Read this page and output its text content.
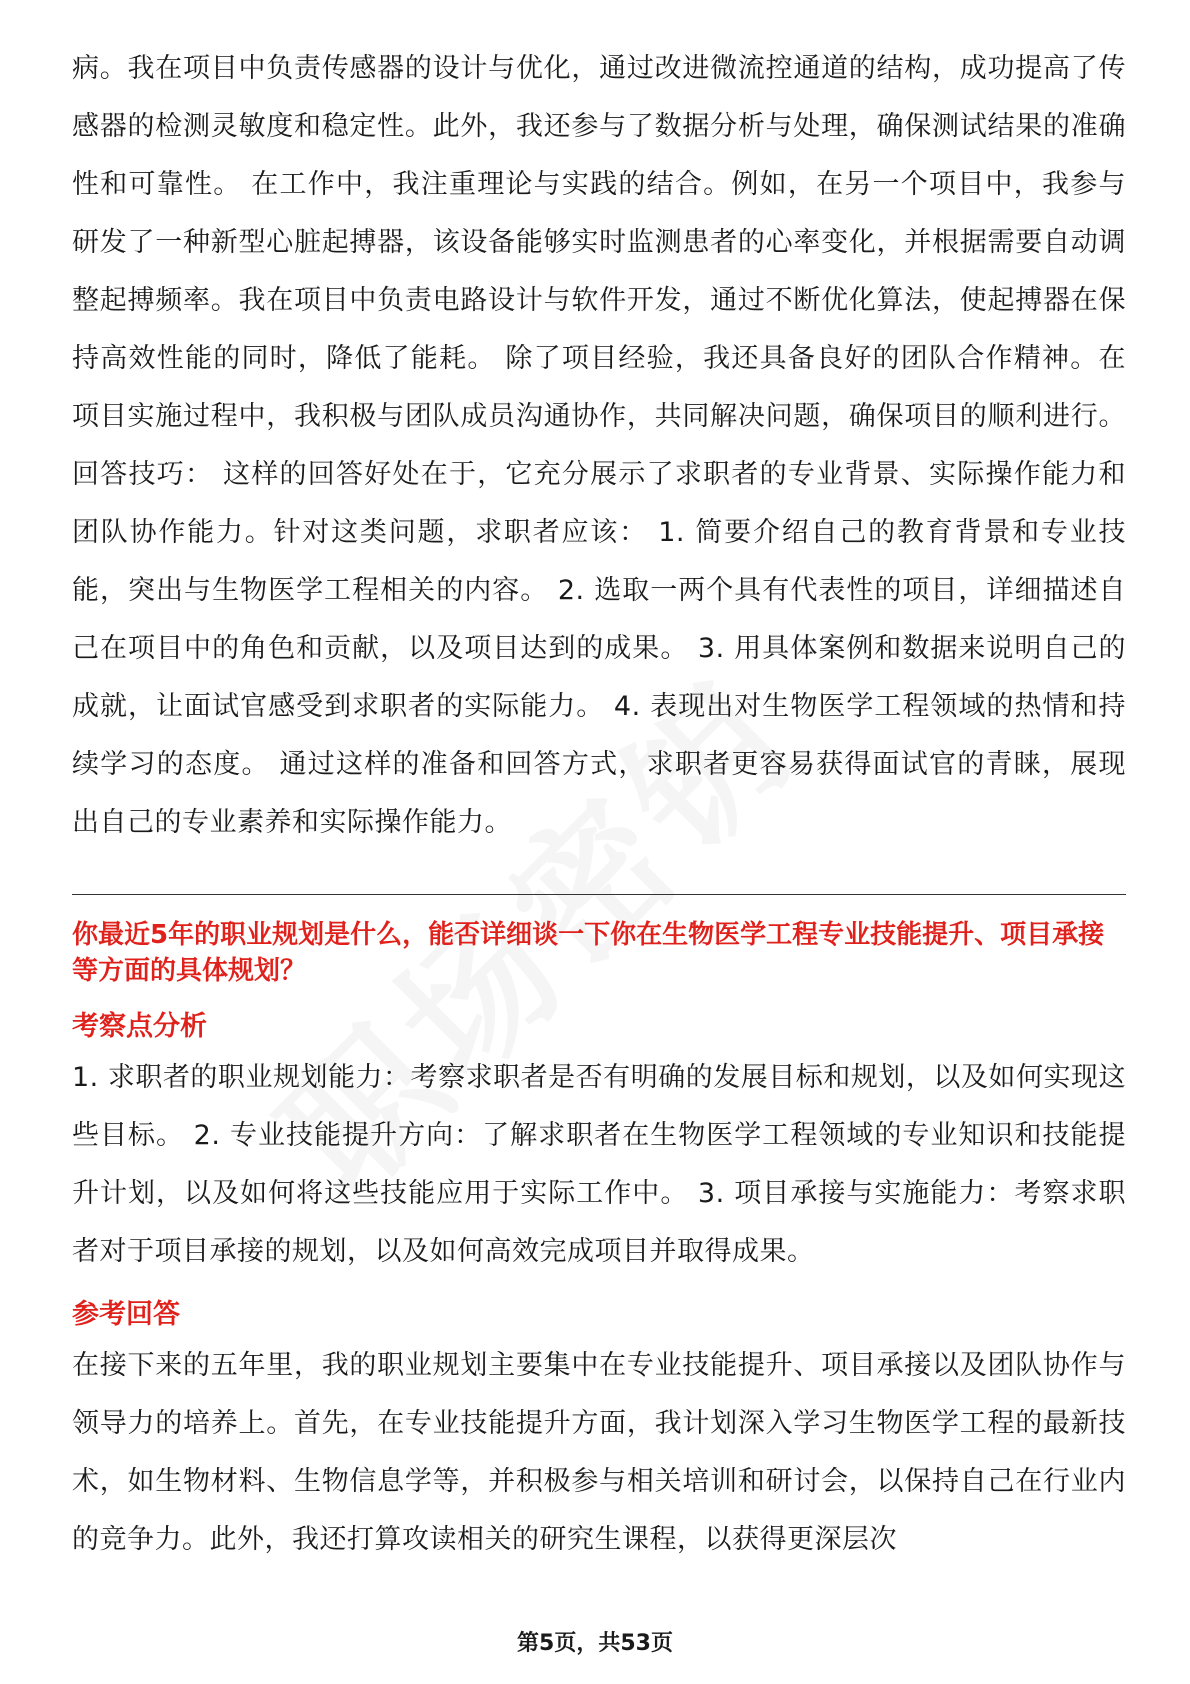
病。我在项目中负责传感器的设计与优化，通过改进微流控通道的结构，成功提高了传感器的检测灵敏度和稳定性。此外，我还参与了数据分析与处理，确保测试结果的准确性和可靠性。 在工作中，我注重理论与实践的结合。例如，在另一个项目中，我参与研发了一种新型心脏起搏器，该设备能够实时监测患者的心率变化，并根据需要自动调整起搏频率。我在项目中负责电路设计与软件开发，通过不断优化算法，使起搏器在保持高效性能的同时，降低了能耗。 除了项目经验，我还具备良好的团队合作精神。在项目实施过程中，我积极与团队成员沟通协作，共同解决问题，确保项目的顺利进行。 回答技巧： 这样的回答好处在于，它充分展示了求职者的专业背景、实际操作能力和团队协作能力。针对这类问题，求职者应该： 1. 简要介绍自己的教育背景和专业技能，突出与生物医学工程相关的内容。 2. 选取一两个具有代表性的项目，详细描述自己在项目中的角色和贡献，以及项目达到的成果。 3. 用具体案例和数据来说明自己的成就，让面试官感受到求职者的实际能力。 4. 表现出对生物医学工程领域的热情和持续学习的态度。 通过这样的准备和回答方式，求职者更容易获得面试官的青睐，展现出自己的专业素养和实际操作能力。

你最近5年的职业规划是什么，能否详细谈一下你在生物医学工程专业技能提升、项目承接等方面的具体规划？

考察点分析

1. 求职者的职业规划能力：考察求职者是否有明确的发展目标和规划，以及如何实现这些目标。 2. 专业技能提升方向：了解求职者在生物医学工程领域的专业知识和技能提升计划，以及如何将这些技能应用于实际工作中。 3. 项目承接与实施能力：考察求职者对于项目承接的规划，以及如何高效完成项目并取得成果。

参考回答

在接下来的五年里，我的职业规划主要集中在专业技能提升、项目承接以及团队协作与领导力的培养上。首先，在专业技能提升方面，我计划深入学习生物医学工程的最新技术，如生物材料、生物信息学等，并积极参与相关培训和研讨会，以保持自己在行业内的竞争力。此外，我还打算攻读相关的研究生课程，以获得更深层次

第5页，共53页
